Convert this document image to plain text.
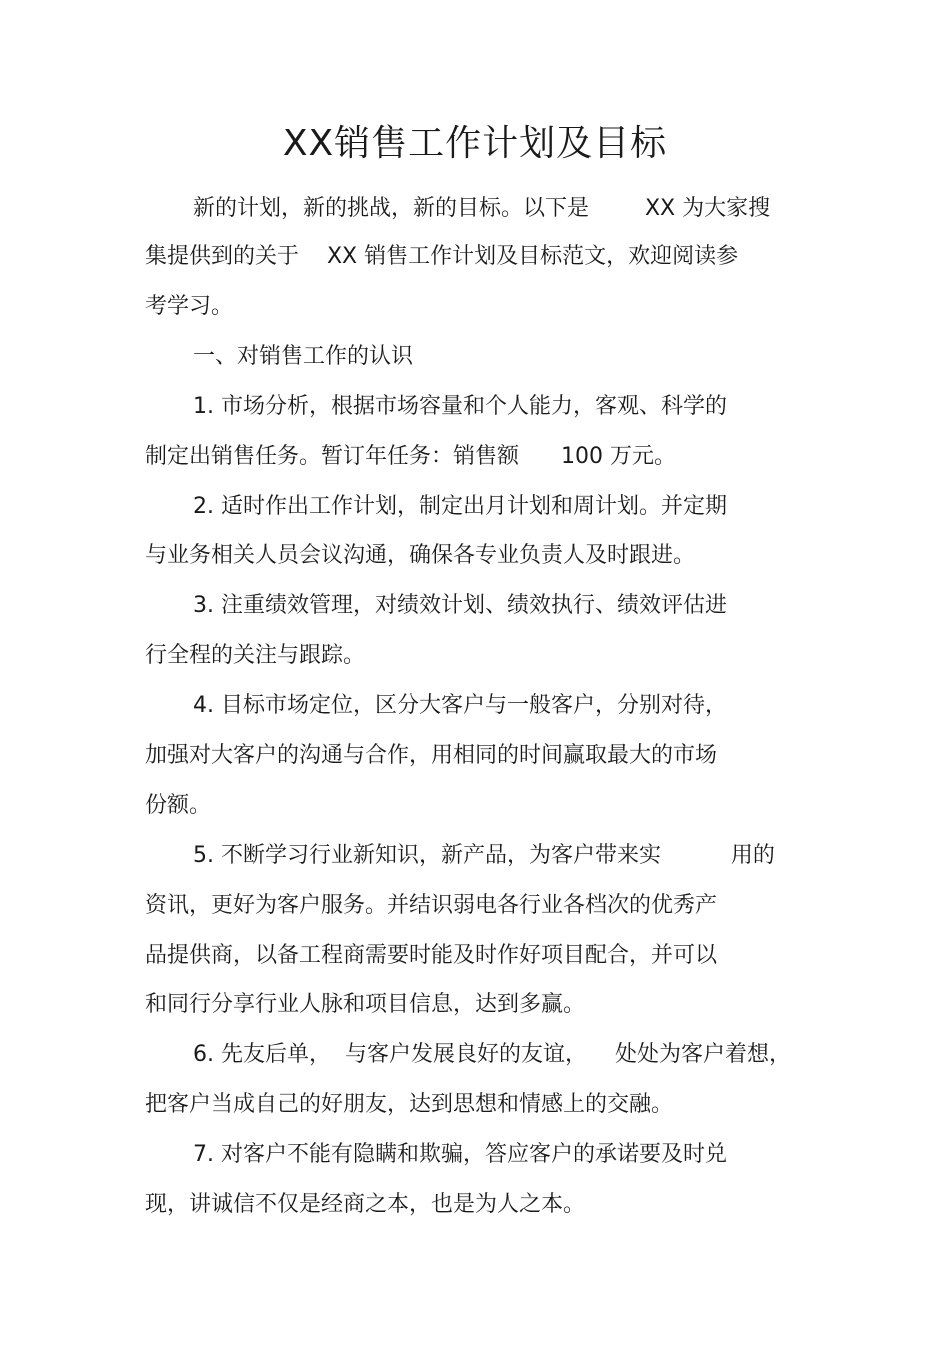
XX销售工作计划及目标
新的计划，新的挑战，新的目标。以下是        XX 为大家搜
集提供到的关于    XX 销售工作计划及目标范文，欢迎阅读参
考学习。
一、对销售工作的认识
1. 市场分析，根据市场容量和个人能力，客观、科学的
制定出销售任务。暂订年任务：销售额      100 万元。
2. 适时作出工作计划，制定出月计划和周计划。并定期
与业务相关人员会议沟通，确保各专业负责人及时跟进。
3. 注重绩效管理，对绩效计划、绩效执行、绩效评估进
行全程的关注与跟踪。
4. 目标市场定位，区分大客户与一般客户，分别对待，
加强对大客户的沟通与合作，用相同的时间赢取最大的市场
份额。
5. 不断学习行业新知识，新产品，为客户带来实          用的
资讯，更好为客户服务。并结识弱电各行业各档次的优秀产
品提供商，以备工程商需要时能及时作好项目配合，并可以
和同行分享行业人脉和项目信息，达到多赢。
6. 先友后单，  与客户发展良好的友谊，    处处为客户着想，
把客户当成自己的好朋友，达到思想和情感上的交融。
7. 对客户不能有隐瞒和欺骗，答应客户的承诺要及时兑
现，讲诚信不仅是经商之本，也是为人之本。
